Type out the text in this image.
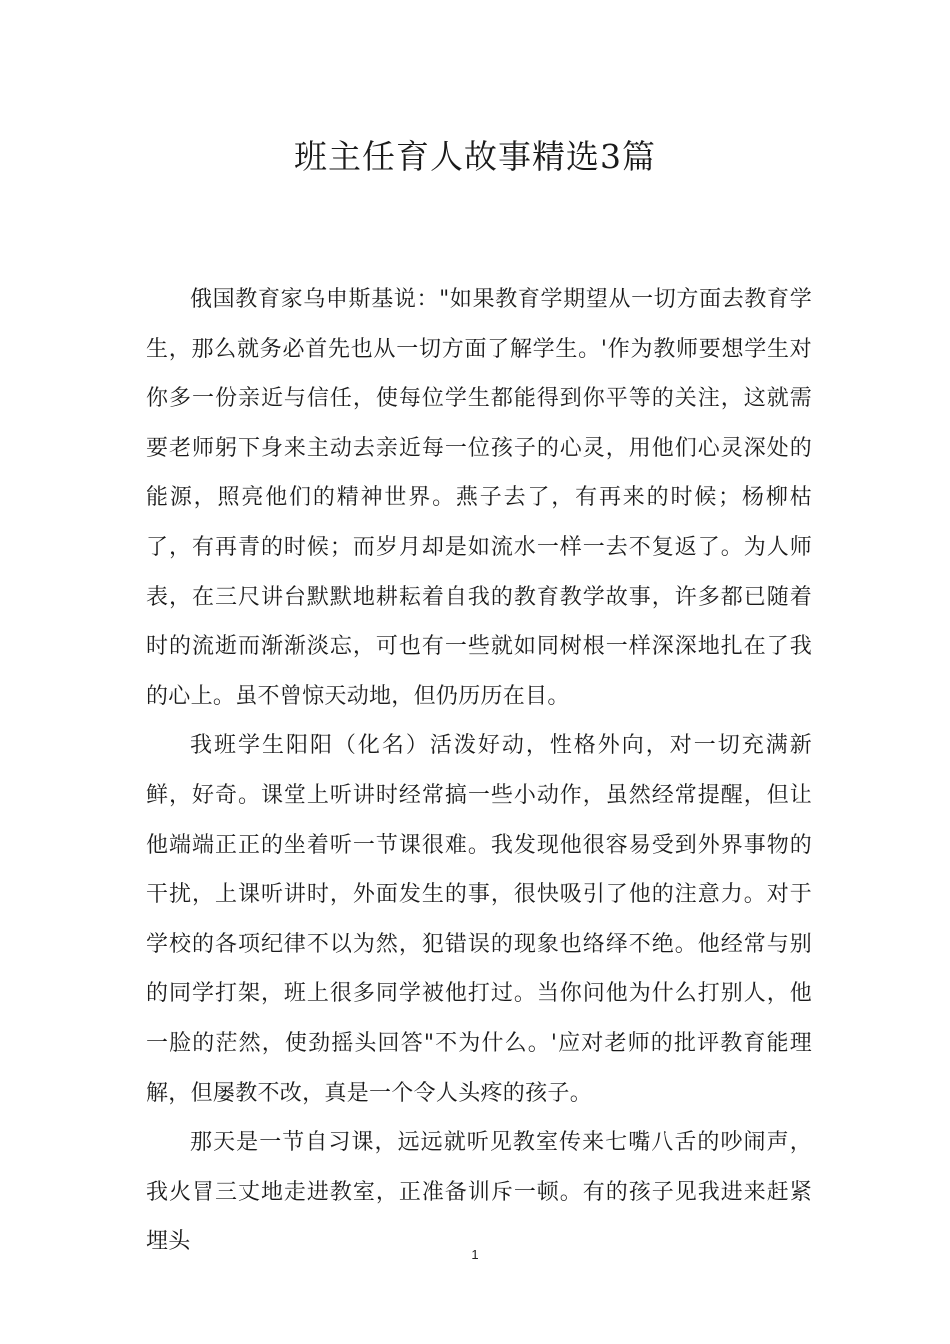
班主任育人故事精选3篇

俄国教育家乌申斯基说："如果教育学期望从一切方面去教育学生，那么就务必首先也从一切方面了解学生。'作为教师要想学生对你多一份亲近与信任，使每位学生都能得到你平等的关注，这就需要老师躬下身来主动去亲近每一位孩子的心灵，用他们心灵深处的能源，照亮他们的精神世界。燕子去了，有再来的时候；杨柳枯了，有再青的时候；而岁月却是如流水一样一去不复返了。为人师表，在三尺讲台默默地耕耘着自我的教育教学故事，许多都已随着时的流逝而渐渐淡忘，可也有一些就如同树根一样深深地扎在了我的心上。虽不曾惊天动地，但仍历历在目。

我班学生阳阳（化名）活泼好动，性格外向，对一切充满新鲜，好奇。课堂上听讲时经常搞一些小动作，虽然经常提醒，但让他端端正正的坐着听一节课很难。我发现他很容易受到外界事物的干扰，上课听讲时，外面发生的事，很快吸引了他的注意力。对于学校的各项纪律不以为然，犯错误的现象也络绎不绝。他经常与别的同学打架，班上很多同学被他打过。当你问他为什么打别人，他一脸的茫然，使劲摇头回答"不为什么。'应对老师的批评教育能理解，但屡教不改，真是一个令人头疼的孩子。

那天是一节自习课，远远就听见教室传来七嘴八舌的吵闹声，我火冒三丈地走进教室，正准备训斥一顿。有的孩子见我进来赶紧埋头

1
